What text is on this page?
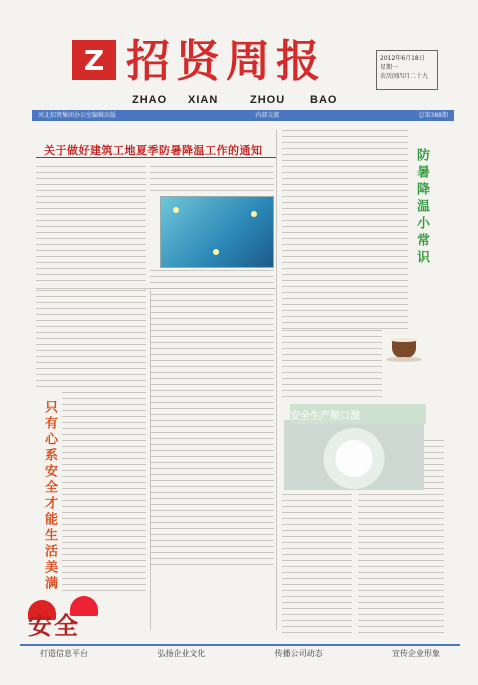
Z 招贤周报
ZHAO XIAN	ZHOU BAO
2012年6月18日
星期一
农历闰四月二十九
河北招贤集团办公室编辑出版	内部交流	总第388期
关于做好建筑工地夏季防暑降温工作的通知	防暑降温小常识
只有心系安全才能生活美满	安全生产顺口溜
安全
打造信息平台	弘扬企业文化	传播公司动态	宣传企业形象
